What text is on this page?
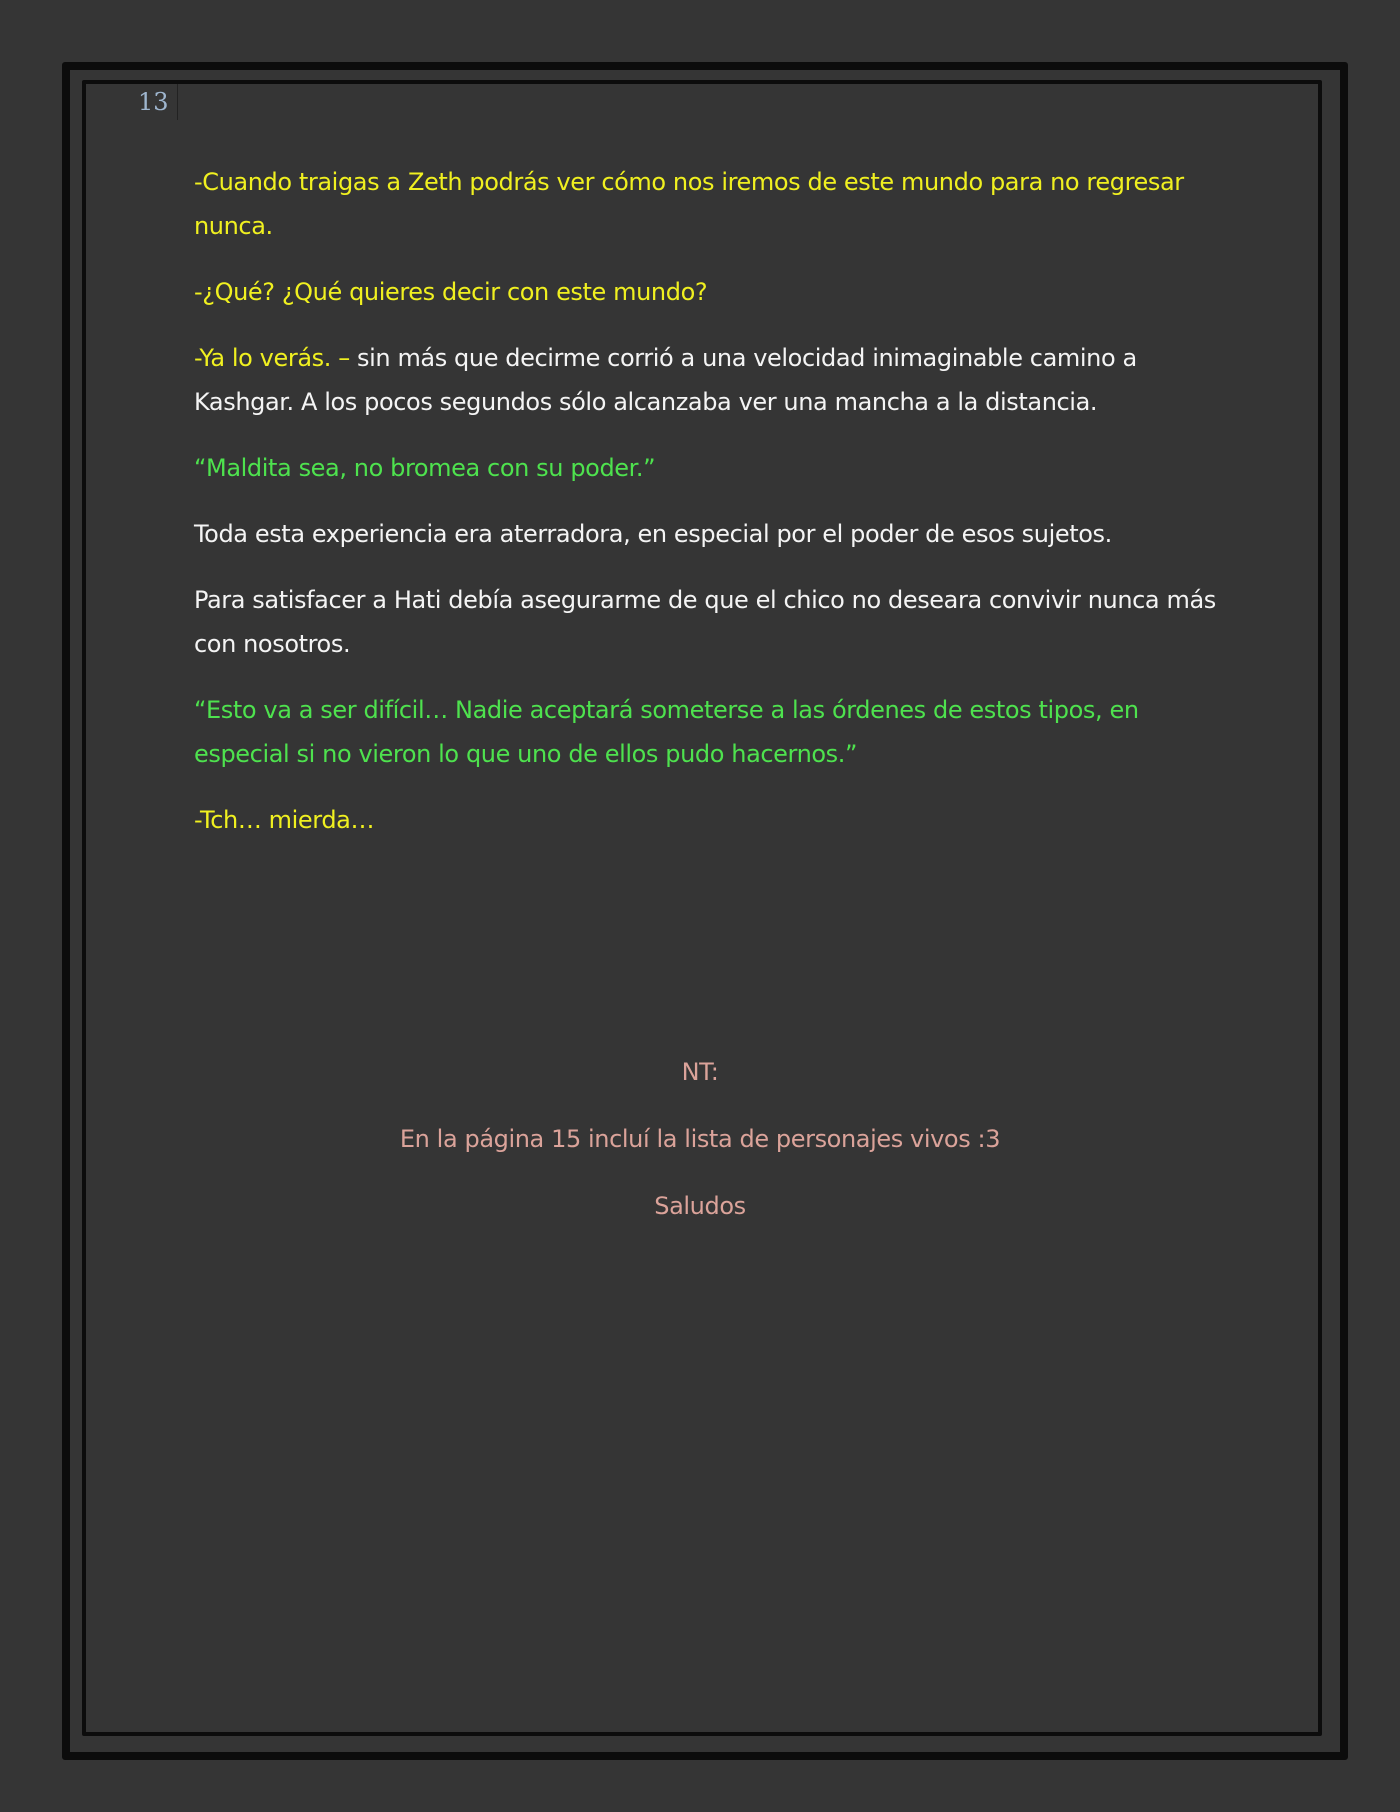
13

-Cuando traigas a Zeth podrás ver cómo nos iremos de este mundo para no regresar nunca.

-¿Qué? ¿Qué quieres decir con este mundo?

-Ya lo verás. – sin más que decirme corrió a una velocidad inimaginable camino a Kashgar. A los pocos segundos sólo alcanzaba ver una mancha a la distancia.

“Maldita sea, no bromea con su poder.”

Toda esta experiencia era aterradora, en especial por el poder de esos sujetos.

Para satisfacer a Hati debía asegurarme de que el chico no deseara convivir nunca más con nosotros.

“Esto va a ser difícil… Nadie aceptará someterse a las órdenes de estos tipos, en especial si no vieron lo que uno de ellos pudo hacernos.”

-Tch… mierda…

NT:
En la página 15 incluí la lista de personajes vivos :3
Saludos
